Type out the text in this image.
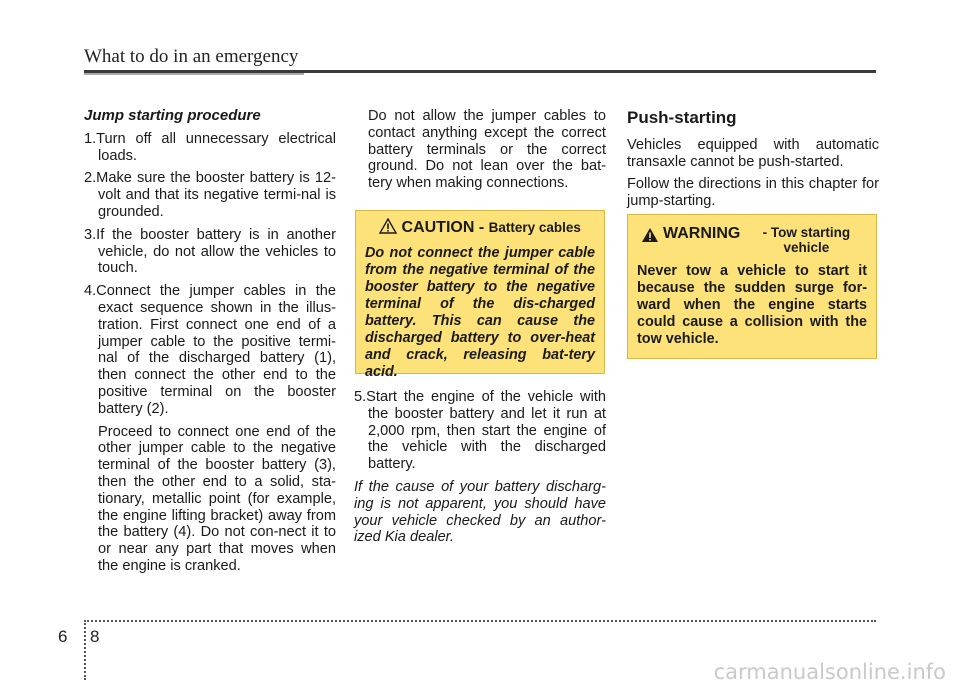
What to do in an emergency

Jump starting procedure

1.Turn off all unnecessary electrical loads.

2.Make sure the booster battery is 12-volt and that its negative termi-nal is grounded.

3.If the booster battery is in another vehicle, do not allow the vehicles to touch.

4.Connect the jumper cables in the exact sequence shown in the illus-tration. First connect one end of a jumper cable to the positive termi-nal of the discharged battery (1), then connect the other end to the positive terminal on the booster battery (2).

Proceed to connect one end of the other jumper cable to the negative terminal of the booster battery (3), then the other end to a solid, sta-tionary, metallic point (for example, the engine lifting bracket) away from the battery (4). Do not con-nect it to or near any part that moves when the engine is cranked.

Do not allow the jumper cables to contact anything except the correct battery terminals or the correct ground. Do not lean over the bat-tery when making connections.

CAUTION - Battery cables

Do not connect the jumper cable from the negative terminal of the booster battery to the negative terminal of the dis-charged battery. This can cause the discharged battery to over-heat and crack, releasing bat-tery acid.

5.Start the engine of the vehicle with the booster battery and let it run at 2,000 rpm, then start the engine of the vehicle with the discharged battery.

If the cause of your battery discharg-ing is not apparent, you should have your vehicle checked by an author-ized Kia dealer.

Push-starting

Vehicles equipped with automatic transaxle cannot be push-started.

Follow the directions in this chapter for jump-starting.

WARNING	- Tow starting vehicle

Never tow a vehicle to start it because the sudden surge for-ward when the engine starts could cause a collision with the tow vehicle.

6 8
carmanualsonline.info
